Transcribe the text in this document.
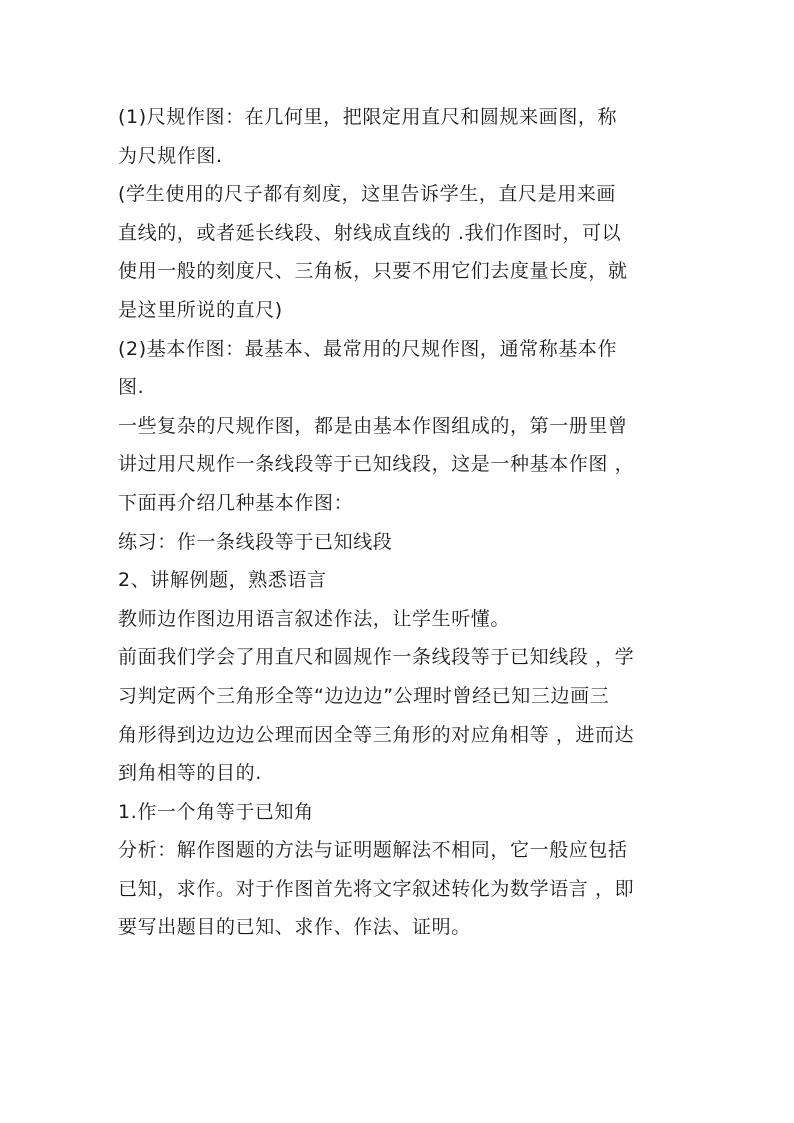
(1)尺规作图：在几何里，把限定用直尺和圆规来画图，称
为尺规作图.
(学生使用的尺子都有刻度，这里告诉学生，直尺是用来画
直线的，或者延长线段、射线成直线的 .我们作图时，可以
使用一般的刻度尺、三角板，只要不用它们去度量长度，就
是这里所说的直尺)
(2)基本作图：最基本、最常用的尺规作图，通常称基本作
图.
一些复杂的尺规作图，都是由基本作图组成的，第一册里曾
讲过用尺规作一条线段等于已知线段，这是一种基本作图 ，
下面再介绍几种基本作图：
练习：作一条线段等于已知线段
2、讲解例题，熟悉语言
教师边作图边用语言叙述作法，让学生听懂。
前面我们学会了用直尺和圆规作一条线段等于已知线段 ，学
习判定两个三角形全等“边边边”公理时曾经已知三边画三
角形得到边边边公理而因全等三角形的对应角相等 ，进而达
到角相等的目的.
1.作一个角等于已知角
分析：解作图题的方法与证明题解法不相同，它一般应包括
已知，求作。对于作图首先将文字叙述转化为数学语言 ，即
要写出题目的已知、求作、作法、证明。
